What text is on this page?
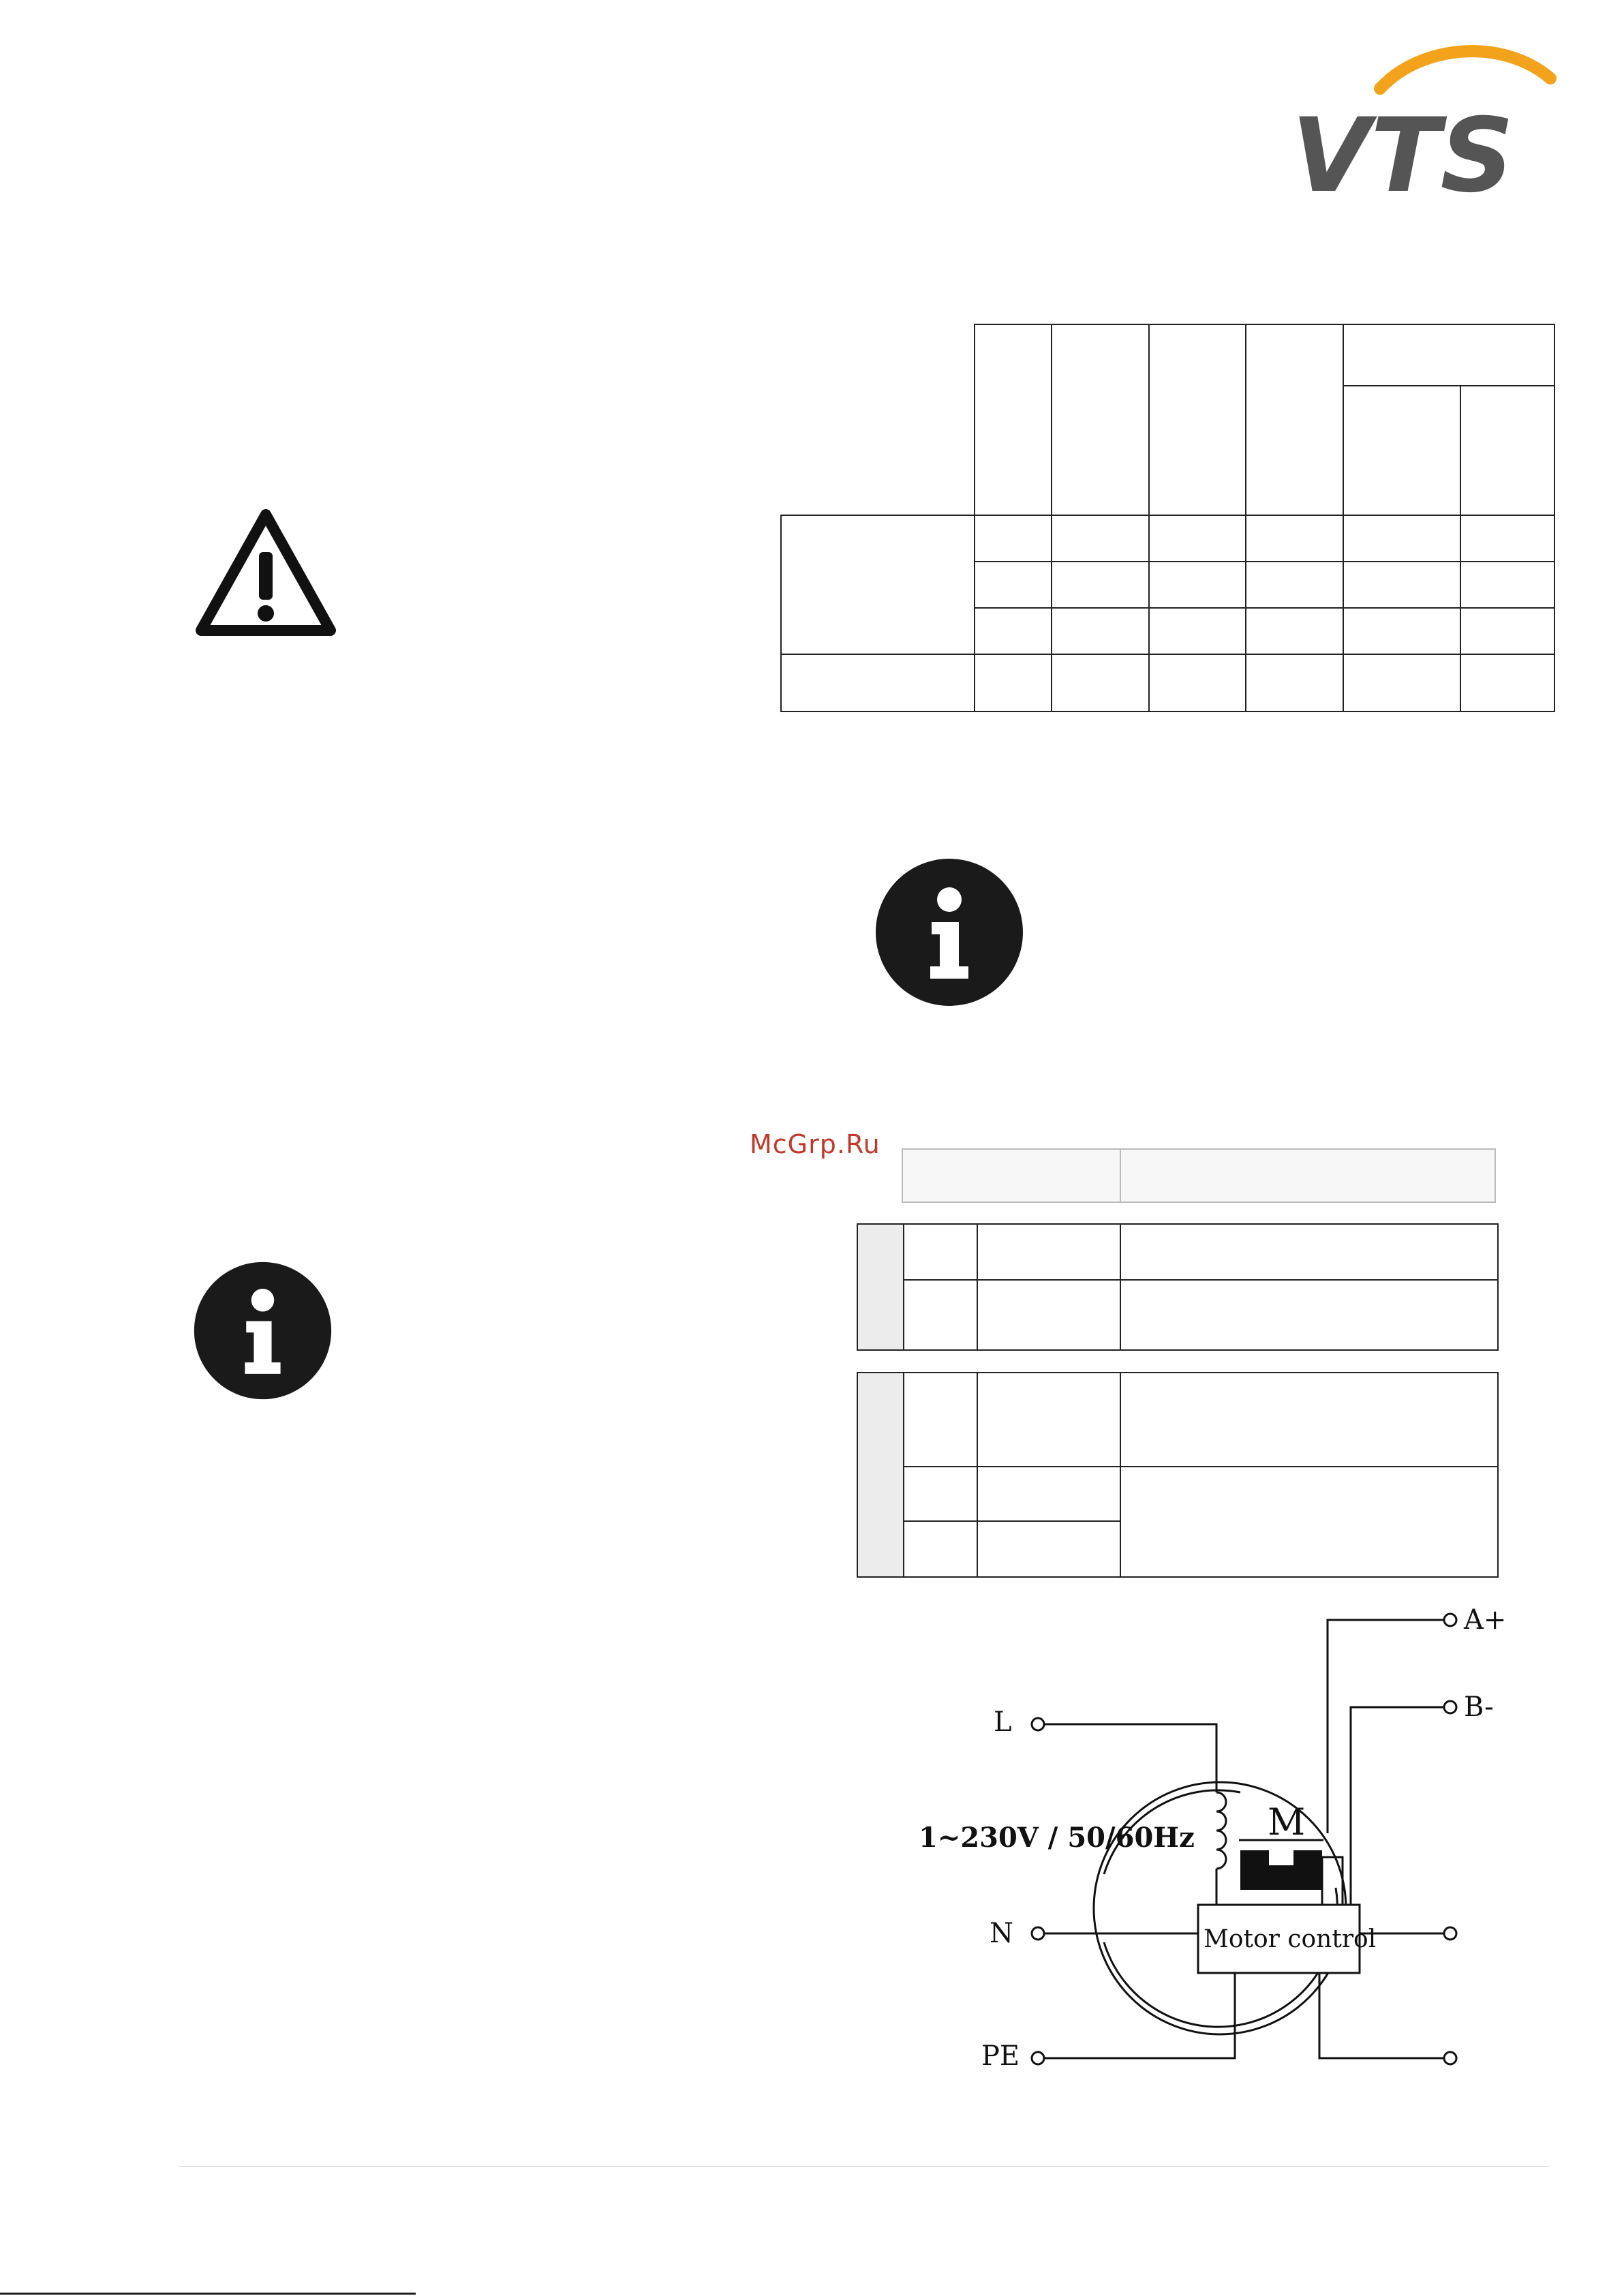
VTS

McGrp.Ru

L
1~230V / 50/60Hz
N
PE
A+
B-
M
Motor control
